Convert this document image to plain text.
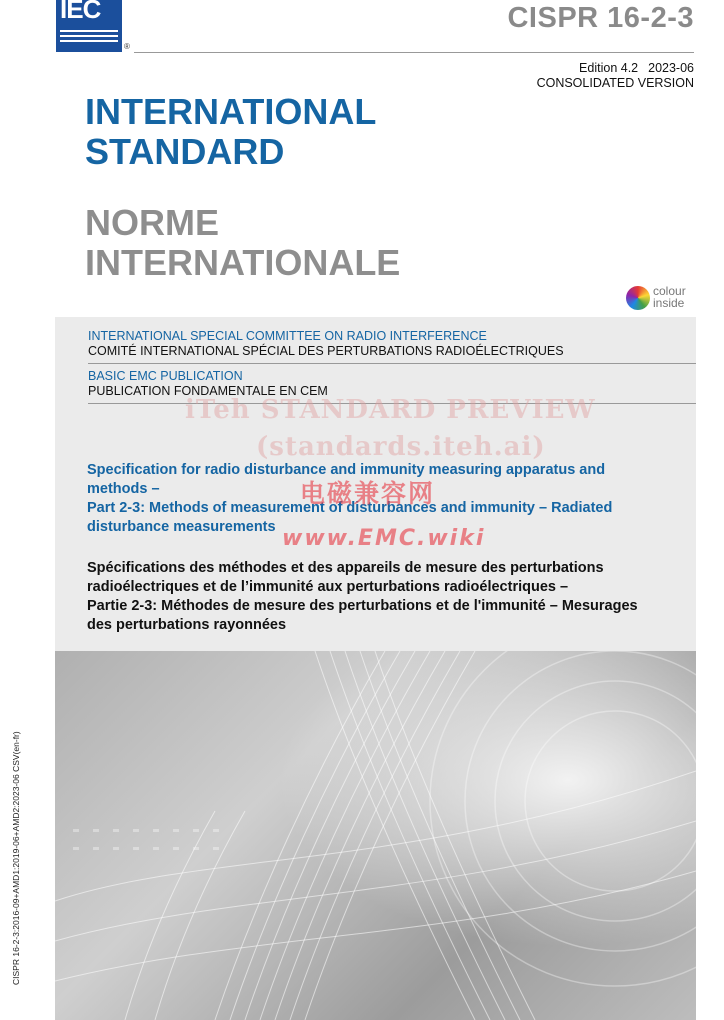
IEC
®
CISPR 16-2-3
Edition 4.2 2023-06
CONSOLIDATED VERSION
INTERNATIONAL
STANDARD
NORME
INTERNATIONALE
colour
inside
INTERNATIONAL SPECIAL COMMITTEE ON RADIO INTERFERENCE
COMITÉ INTERNATIONAL SPÉCIAL DES PERTURBATIONS RADIOÉLECTRIQUES
BASIC EMC PUBLICATION
PUBLICATION FONDAMENTALE EN CEM
iTeh STANDARD PREVIEW
(standards.iteh.ai)
Specification for radio disturbance and immunity measuring apparatus and
methods –
Part 2-3: Methods of measurement of disturbances and immunity – Radiated
disturbance measurements
电磁兼容网
www.EMC.wiki
Spécifications des méthodes et des appareils de mesure des perturbations
radioélectriques et de l’immunité aux perturbations radioélectriques –
Partie 2-3: Méthodes de mesure des perturbations et de l'immunité – Mesurages
des perturbations rayonnées
CISPR 16-2-3:2016-09+AMD1:2019-06+AMD2:2023-06 CSV(en-fr)
